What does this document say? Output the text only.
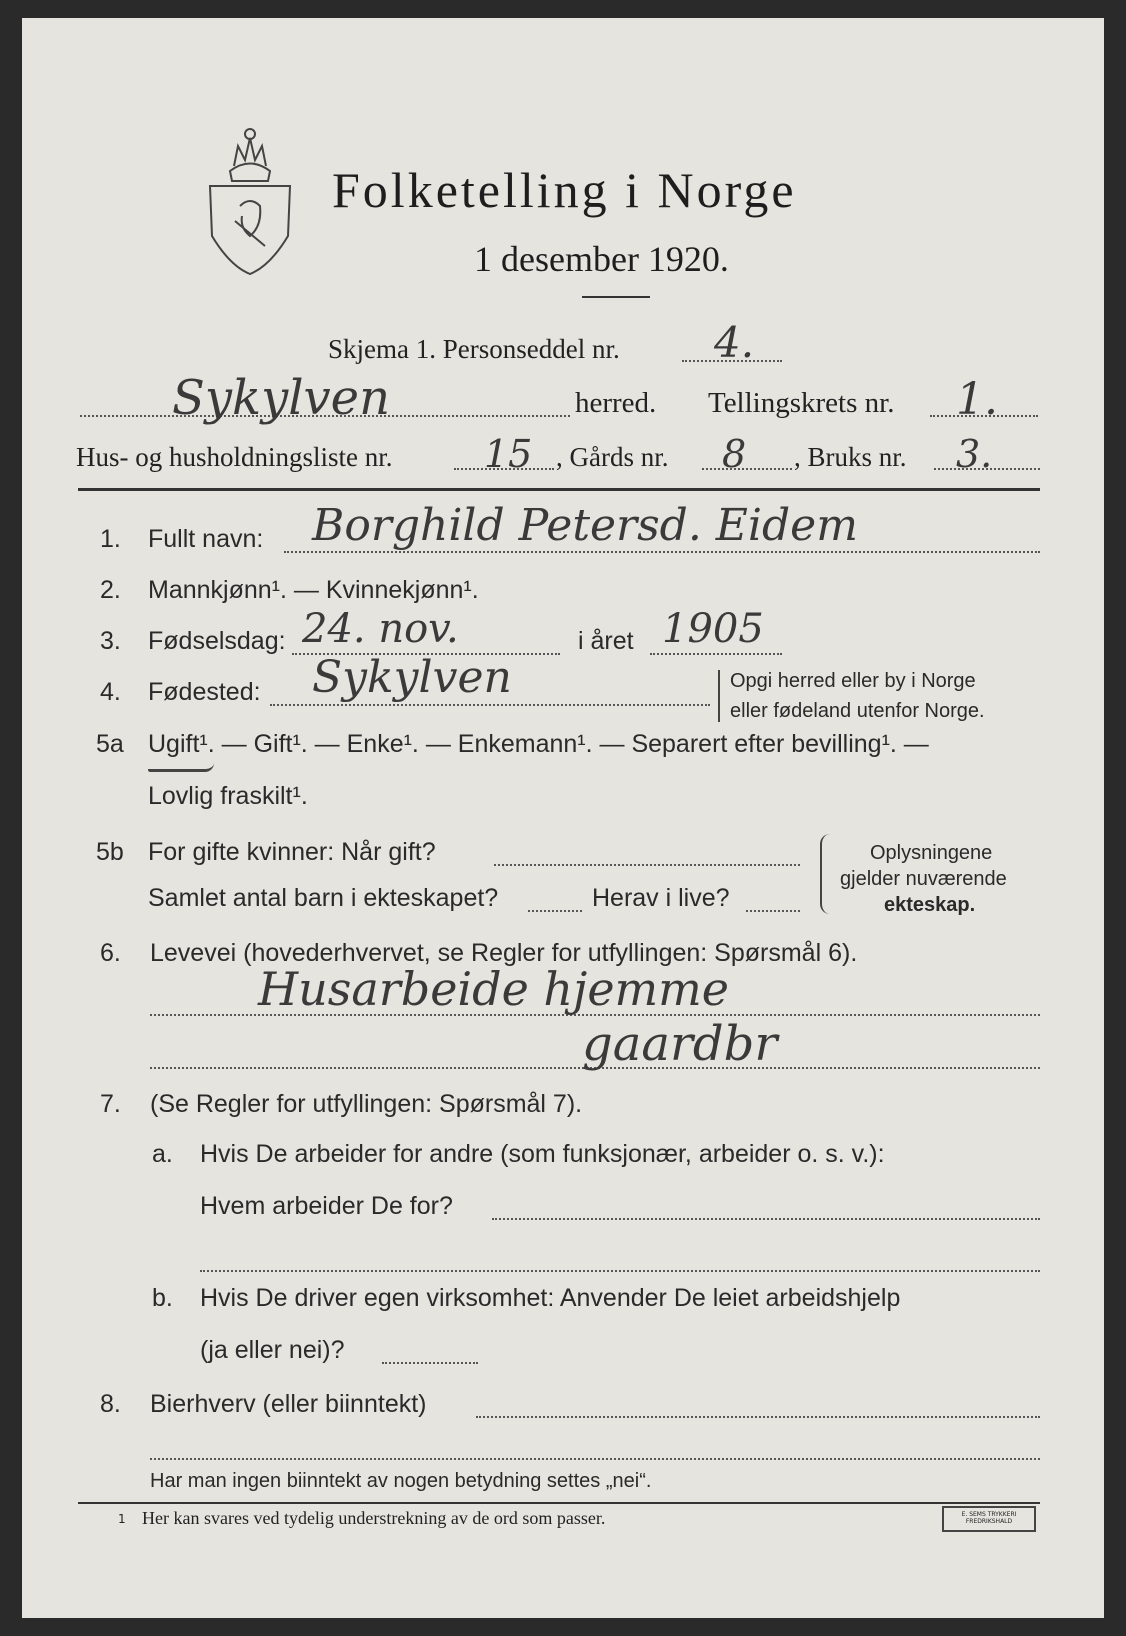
Folketelling i Norge
1 desember 1920.
Skjema 1. Personseddel nr. 4.
Sykylven	herred. Tellingskrets nr. 1.
Hus- og husholdningsliste nr. 15 , Gårds nr. 8 , Bruks nr. 3.
1. Fullt navn: Borghild Petersd. Eidem
2. Mannkjønn¹. — Kvinnekjønn¹.
3. Fødselsdag: 24. nov.	i året 1905
4. Fødested: Sykylven	Opgi herred eller by i Norge
eller fødeland utenfor Norge.
5a Ugift¹. — Gift¹. — Enke¹. — Enkemann¹. — Separert efter bevilling¹. —
Lovlig fraskilt¹.
5b For gifte kvinner: Når gift?
Samlet antal barn i ekteskapet?	Herav i live?
Oplysningene
gjelder nuværende
ekteskap.
6. Levevei (hovederhvervet, se Regler for utfyllingen: Spørsmål 6).
Husarbeide hjemme
gaardbr
7. (Se Regler for utfyllingen: Spørsmål 7).
a. Hvis De arbeider for andre (som funksjonær, arbeider o. s. v.):
Hvem arbeider De for?
b. Hvis De driver egen virksomhet: Anvender De leiet arbeidshjelp
(ja eller nei)?
8. Bierhverv (eller biinntekt)
Har man ingen biinntekt av nogen betydning settes „nei“.
1 Her kan svares ved tydelig understrekning av de ord som passer.	E. SEMS TRYKKERI
FREDRIKSHALD
